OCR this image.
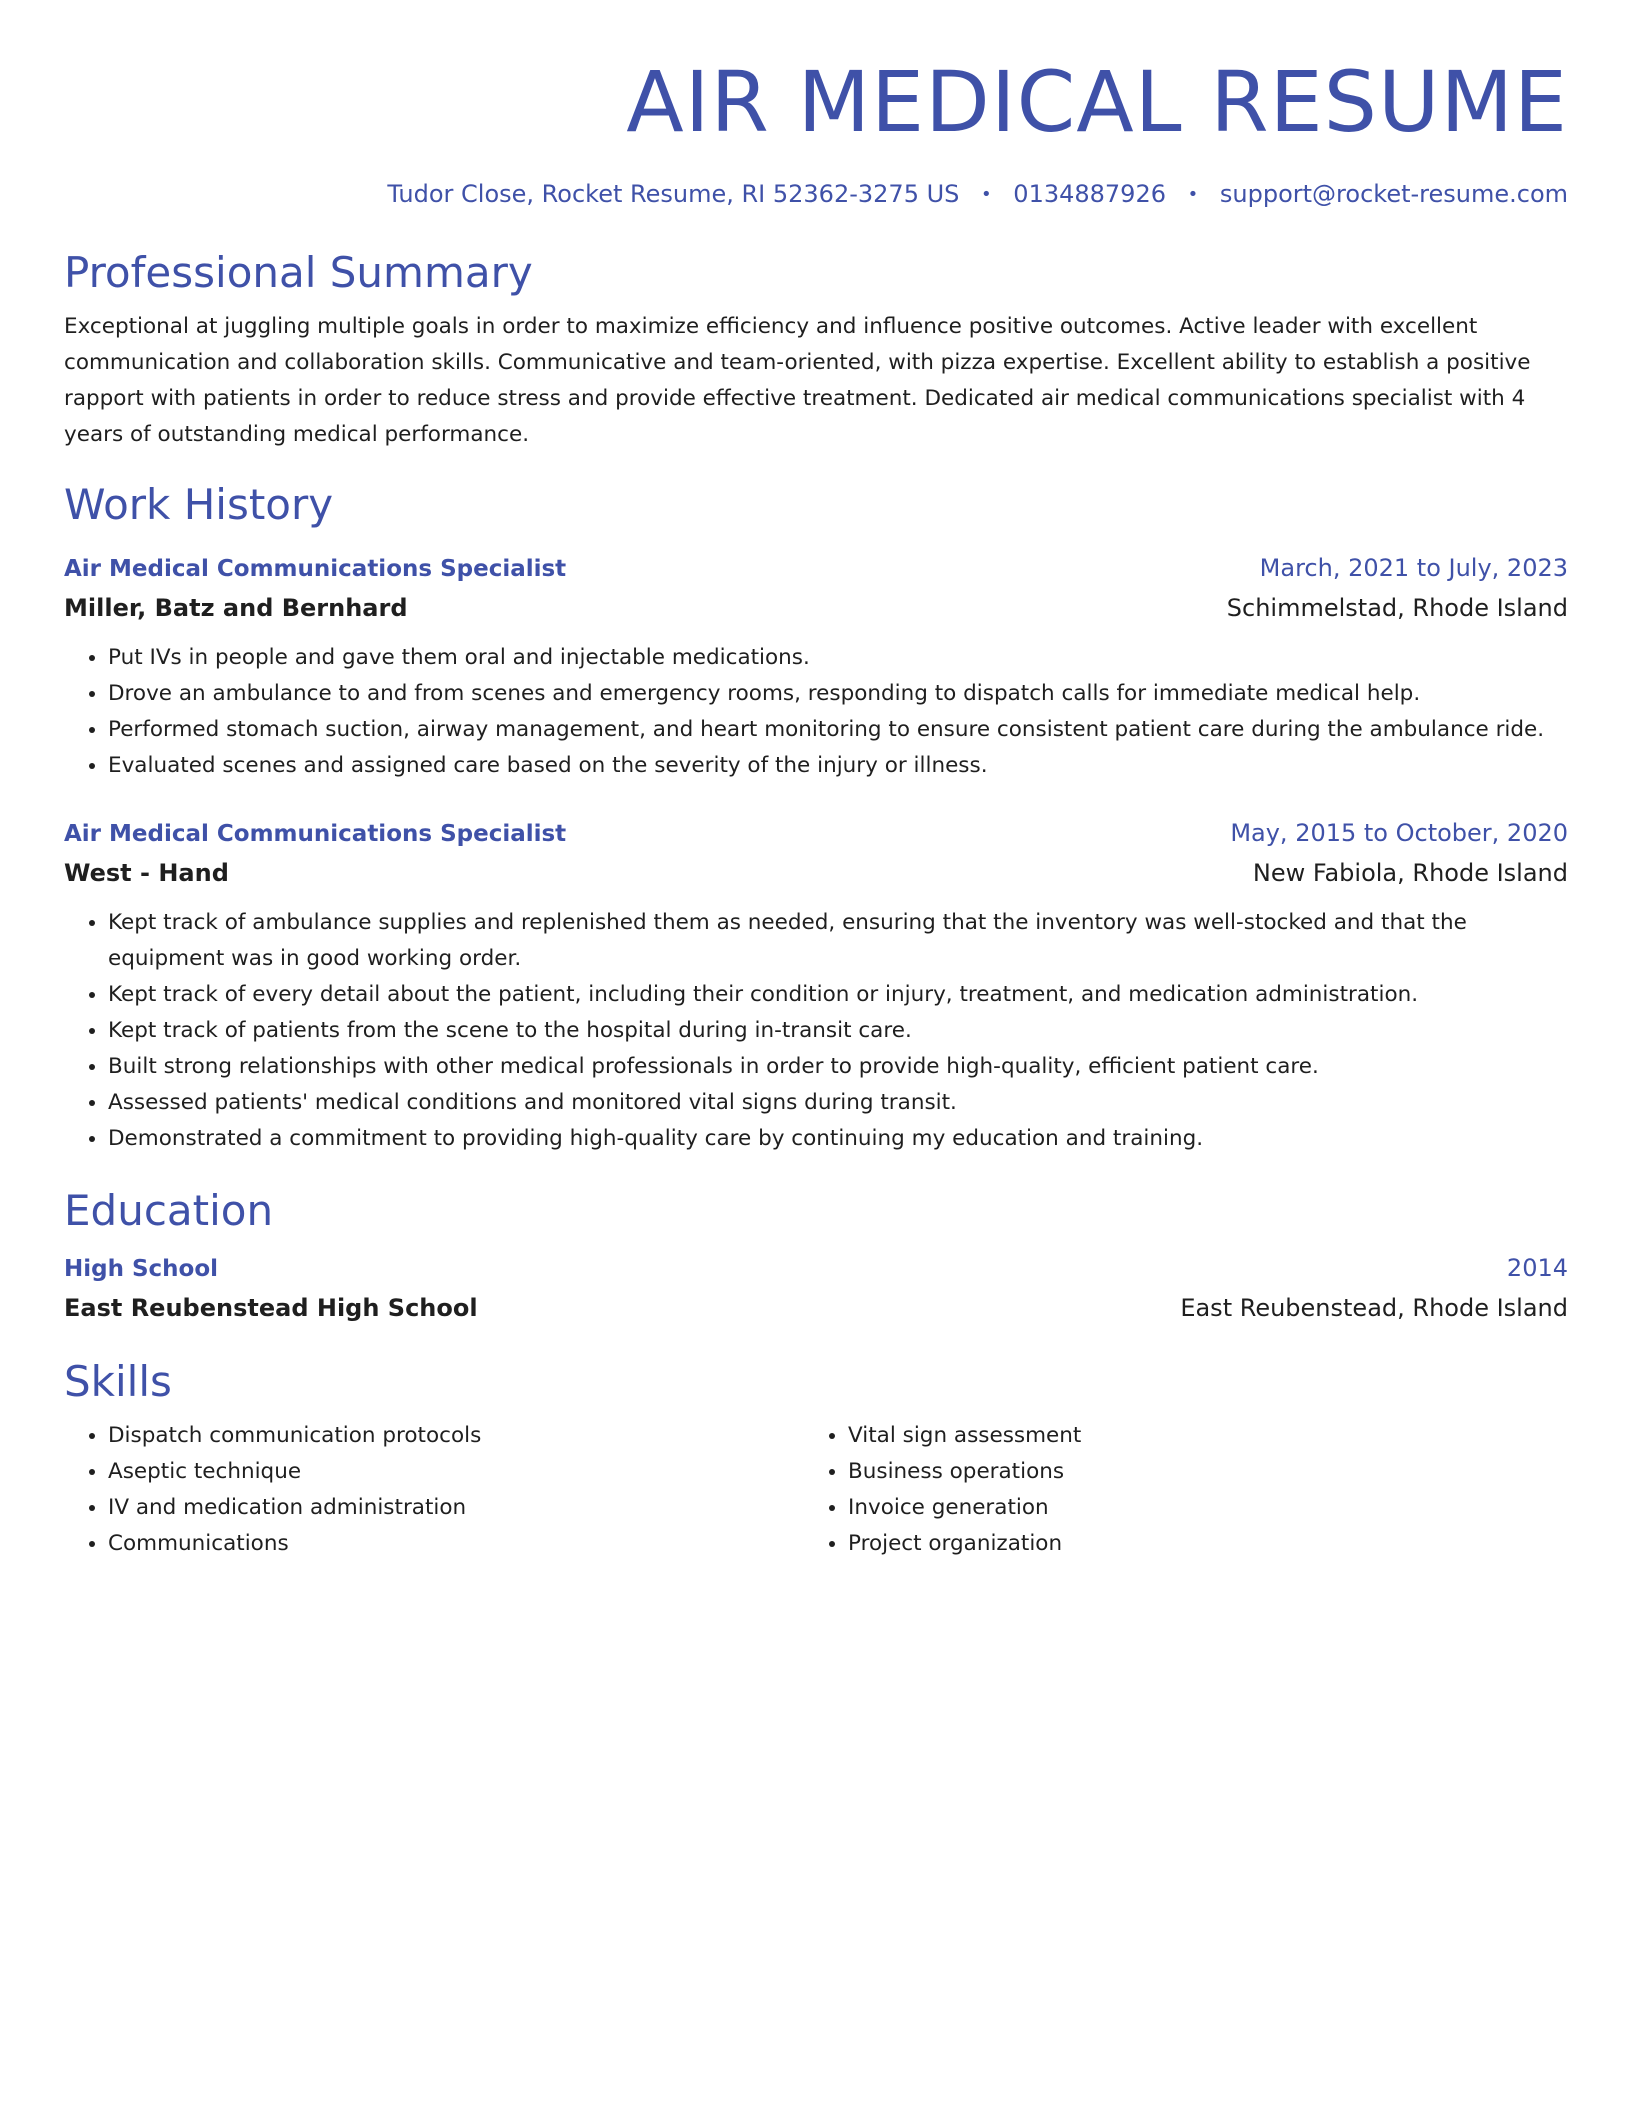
AIR MEDICAL RESUME
Tudor Close, Rocket Resume, RI 52362-3275 US • 0134887926 • support@rocket-resume.com
Professional Summary
Exceptional at juggling multiple goals in order to maximize efficiency and influence positive outcomes. Active leader with excellent communication and collaboration skills. Communicative and team-oriented, with pizza expertise. Excellent ability to establish a positive rapport with patients in order to reduce stress and provide effective treatment. Dedicated air medical communications specialist with 4 years of outstanding medical performance.
Work History
Air Medical Communications Specialist	March, 2021 to July, 2023
Miller, Batz and Bernhard	Schimmelstad, Rhode Island
• Put IVs in people and gave them oral and injectable medications.
• Drove an ambulance to and from scenes and emergency rooms, responding to dispatch calls for immediate medical help.
• Performed stomach suction, airway management, and heart monitoring to ensure consistent patient care during the ambulance ride.
• Evaluated scenes and assigned care based on the severity of the injury or illness.
Air Medical Communications Specialist	May, 2015 to October, 2020
West - Hand	New Fabiola, Rhode Island
• Kept track of ambulance supplies and replenished them as needed, ensuring that the inventory was well-stocked and that the equipment was in good working order.
• Kept track of every detail about the patient, including their condition or injury, treatment, and medication administration.
• Kept track of patients from the scene to the hospital during in-transit care.
• Built strong relationships with other medical professionals in order to provide high-quality, efficient patient care.
• Assessed patients' medical conditions and monitored vital signs during transit.
• Demonstrated a commitment to providing high-quality care by continuing my education and training.
Education
High School	2014
East Reubenstead High School	East Reubenstead, Rhode Island
Skills
• Dispatch communication protocols
• Aseptic technique
• IV and medication administration
• Communications
• Vital sign assessment
• Business operations
• Invoice generation
• Project organization
